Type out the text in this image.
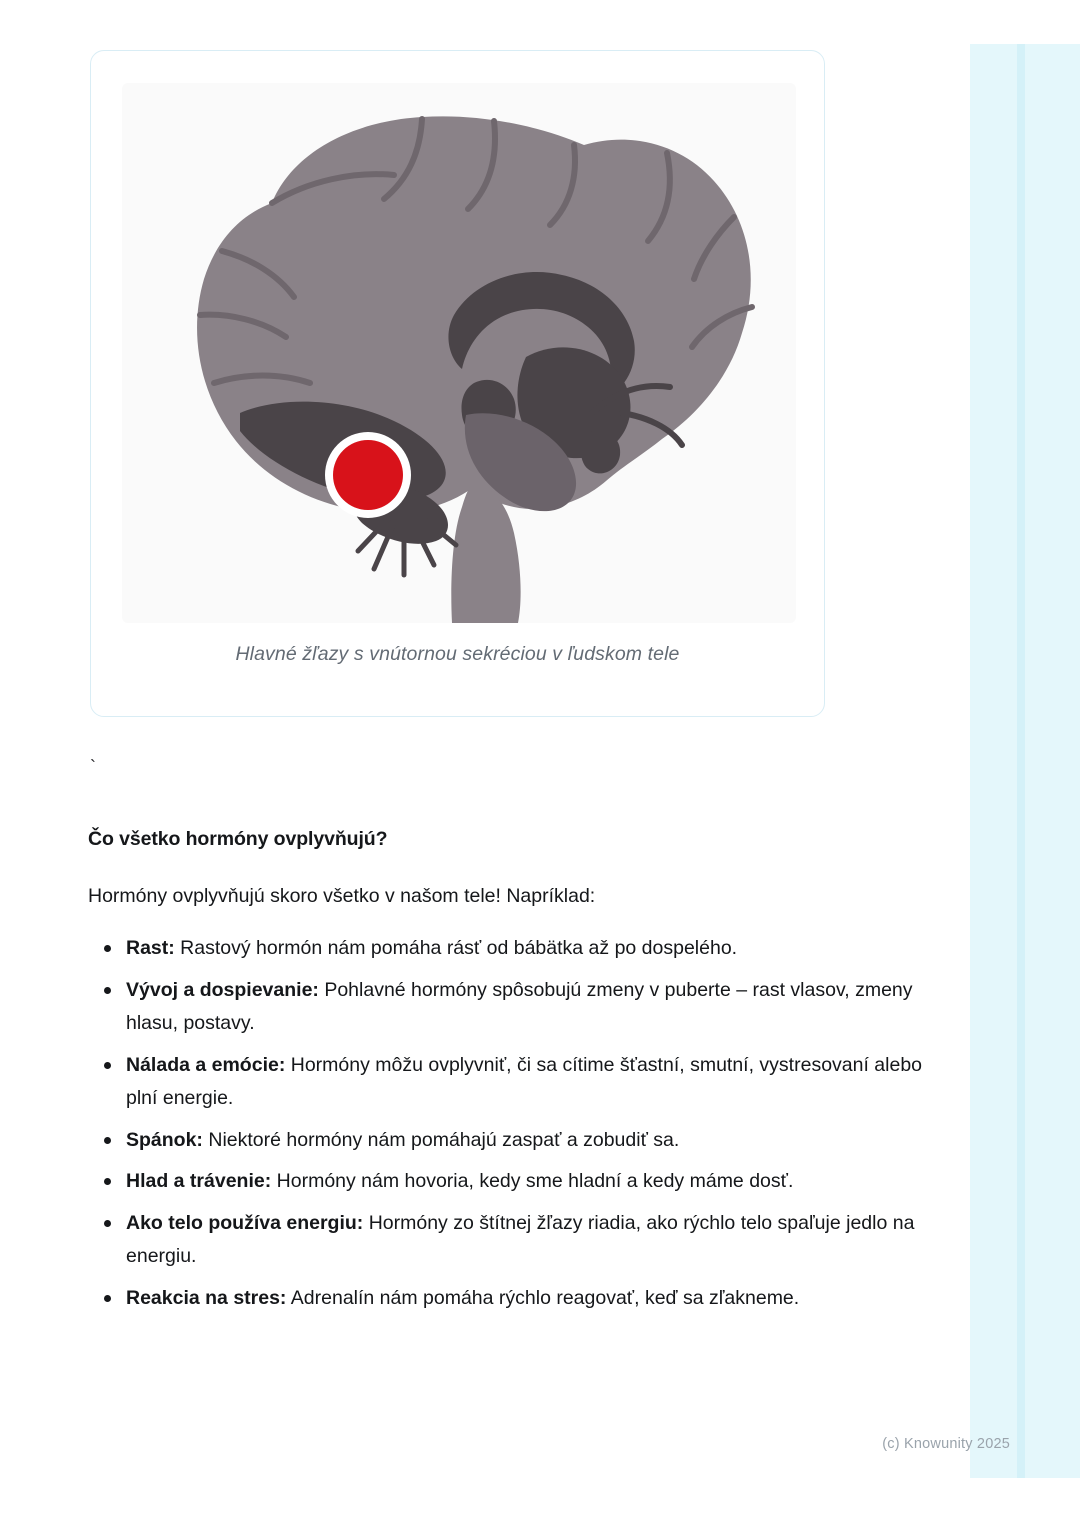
Hlavné žľazy s vnútornou sekréciou v ľudskom tele
`
Čo všetko hormóny ovplyvňujú?
Hormóny ovplyvňujú skoro všetko v našom tele! Napríklad:
Rast: Rastový hormón nám pomáha rásť od bábätka až po dospelého.
Vývoj a dospievanie: Pohlavné hormóny spôsobujú zmeny v puberte – rast vlasov, zmeny hlasu, postavy.
Nálada a emócie: Hormóny môžu ovplyvniť, či sa cítime šťastní, smutní, vystresovaní alebo plní energie.
Spánok: Niektoré hormóny nám pomáhajú zaspať a zobudiť sa.
Hlad a trávenie: Hormóny nám hovoria, kedy sme hladní a kedy máme dosť.
Ako telo používa energiu: Hormóny zo štítnej žľazy riadia, ako rýchlo telo spaľuje jedlo na energiu.
Reakcia na stres: Adrenalín nám pomáha rýchlo reagovať, keď sa zľakneme.
(c) Knowunity 2025
